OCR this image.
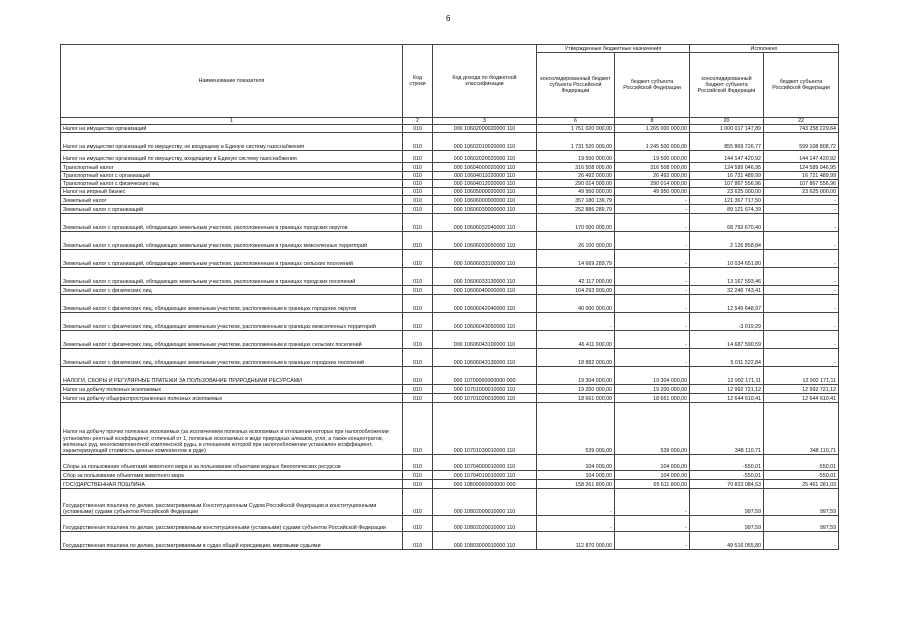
6
Наименование показателя	Код строки	Код дохода по бюджетной классификации	Утвержденные бюджетные назначения		Исполнено	
			консолидированный бюджет субъекта Российской Федерации	бюджет субъекта Российской Федерации	консолидированный бюджет субъекта Российской Федерации	бюджет субъекта Российской Федерации
1	2	3	6	8	20	22
Налог на имущество организаций	010	000 10602000020000 110	1 751 020 000,00	1 265 000 000,00	1 000 017 147,89	743 258 229,64
Налог на имущество организаций по имуществу, не входящему в Единую систему газоснабжения	010	000 10602010020000 110	1 731 520 000,00	1 245 500 000,00	855 869 726,77	599 108 808,72
Налог на имущество организаций по имуществу, входящему в Единую систему газоснабжения	010	000 10602020020000 110	19 500 000,00	19 500 000,00	144 147 420,92	144 147 420,92
Транспортный налог	010	000 10604000020000 110	316 508 000,00	316 508 000,00	124 589 046,95	124 589 046,95
Транспортный налог с организаций	010	000 10604011020000 110	26 492 000,00	26 492 000,00	16 721 489,99	16 721 489,99
Транспортный налог с физических лиц	010	000 10604012020000 110	290 014 000,00	290 014 000,00	107 867 556,96	107 867 556,96
Налог на игорный бизнес	010	000 10605000020000 110	49 950 000,00	49 950 000,00	23 625 000,00	23 625 000,00
Земельный налог	010	000 10606000000000 110	357 180 139,79	-	121 367 717,50	-
Земельный налог с организаций	010	000 10606030000000 110	252 886 289,79	-	89 121 674,39	-
Земельный налог с организаций, обладающих земельным участком, расположенным в границах городских округов	010	000 10606032040000 110	170 000 000,00	-	68 792 670,40	-
Земельный налог с организаций, обладающих земельным участком, расположенным в границах межселенных территорий	010	000 10606033050000 110	26 100 000,00	-	2 126 858,84	-
Земельный налог с организаций, обладающих земельным участком, расположенным в границах сельских поселений	010	000 10606033100000 110	14 669 289,79	-	10 034 651,80	-
Земельный налог с организаций, обладающих земельным участком, расположенным в границах городских поселений	010	000 10606033130000 110	42 117 000,00	-	13 167 593,46	-
Земельный налог с физических лиц	010	000 10606040000000 110	104 293 900,00	-	32 246 743,41	-
Земельный налог с физических лиц, обладающих земельным участком, расположенным в границах городских округов	010	000 10606042040000 110	40 000 000,00	-	12 549 648,97	-
Земельный налог с физических лиц, обладающих земельным участком, расположенным в границах межселенных территорий	010	000 10606043050000 110	-	-	-3 019,29	-
Земельный налог с физических лиц, обладающих земельным участком, расположенным в границах сельских поселений	010	000 10606043100000 110	46 411 900,00	-	14 687 590,59	-
Земельный налог с физических лиц, обладающих земельным участком, расположенным в границах городских поселений	010	000 10606043130000 110	18 882 000,00	-	5 011 522,84	-
НАЛОГИ, СБОРЫ И РЕГУЛЯРНЫЕ ПЛАТЕЖИ ЗА ПОЛЬЗОВАНИЕ ПРИРОДНЫМИ РЕСУРСАМИ	010	000 10700000000000 000	19 304 000,00	19 304 000,00	12 992 171,11	12 992 171,11
Налог на добычу полезных ископаемых	010	000 10701000010000 110	19 200 000,00	19 200 000,00	12 992 721,12	12 992 721,12
Налог на добычу общераспространенных полезных ископаемых	010	000 10701020010000 110	18 661 000,00	18 661 000,00	12 644 610,41	12 644 610,41
Налог на добычу прочих полезных ископаемых (за исключением полезных ископаемых в отношении которых при налогообложении установлен рентный коэффициент, отличный от 1, полезных ископаемых в виде природных алмазов, угля, а также концентратов, железных руд, многокомпонентной комплексной руды, в отношении которой при налогообложении установлен коэффициент, характеризующий стоимость ценных компонентов в руде)	010	000 10701030010000 110	539 000,00	539 000,00	348 110,71	348 110,71
Сборы за пользование объектами животного мира и за пользование объектами водных биологических ресурсов	010	000 10704000010000 110	104 000,00	104 000,00	-550,01	-550,01
Сбор за пользование объектами животного мира	010	000 10704010010000 110	104 000,00	104 000,00	-550,01	-550,01
ГОСУДАРСТВЕННАЯ ПОШЛИНА	010	000 10800000000000 000	158 261 800,00	65 611 800,00	70 823 084,53	25 461 281,03
Государственная пошлина по делам, рассматриваемым Конституционным Судом Российской Федерации и конституционными (уставными) судами субъектов Российской Федерации	010	000 10802000010000 110	-	-	997,59	997,59
Государственная пошлина по делам, рассматриваемым конституционными (уставными) судами субъектов Российской Федерации	010	000 10802020010000 110	-	-	997,59	997,59
Государственная пошлина по делам, рассматриваемым в судах общей юрисдикции, мировыми судьями	010	000 10803000010000 110	112 870 000,00	-	49 516 055,80	-
